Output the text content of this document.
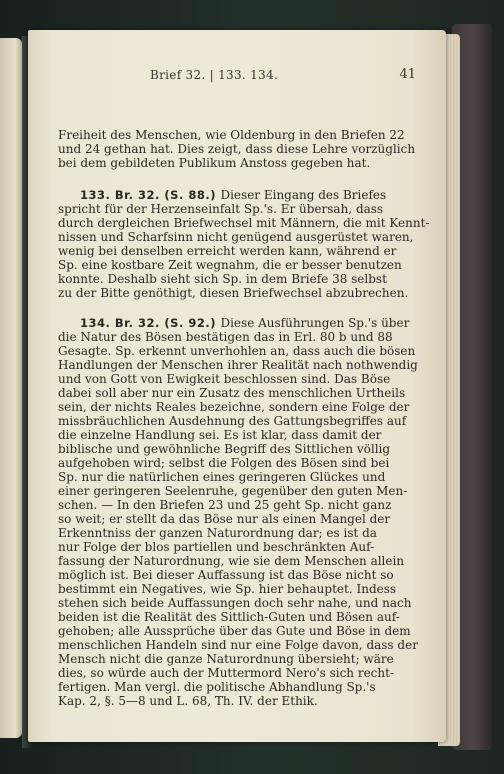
Brief 32. | 133. 134.	41
Freiheit des Menschen, wie Oldenburg in den Briefen 22
und 24 gethan hat. Dies zeigt, dass diese Lehre vorzüglich
bei dem gebildeten Publikum Anstoss gegeben hat.
133. Br. 32. (S. 88.) Dieser Eingang des Briefes
spricht für der Herzenseinfalt Sp.'s. Er übersah, dass
durch dergleichen Briefwechsel mit Männern, die mit Kennt-
nissen und Scharfsinn nicht genügend ausgerüstet waren,
wenig bei denselben erreicht werden kann, während er
Sp. eine kostbare Zeit wegnahm, die er besser benutzen
konnte. Deshalb sieht sich Sp. in dem Briefe 38 selbst
zu der Bitte genöthigt, diesen Briefwechsel abzubrechen.
134. Br. 32. (S. 92.) Diese Ausführungen Sp.'s über
die Natur des Bösen bestätigen das in Erl. 80 b und 88
Gesagte. Sp. erkennt unverhohlen an, dass auch die bösen
Handlungen der Menschen ihrer Realität nach nothwendig
und von Gott von Ewigkeit beschlossen sind. Das Böse
dabei soll aber nur ein Zusatz des menschlichen Urtheils
sein, der nichts Reales bezeichne, sondern eine Folge der
missbräuchlichen Ausdehnung des Gattungsbegriffes auf
die einzelne Handlung sei. Es ist klar, dass damit der
biblische und gewöhnliche Begriff des Sittlichen völlig
aufgehoben wird; selbst die Folgen des Bösen sind bei
Sp. nur die natürlichen eines geringeren Glückes und
einer geringeren Seelenruhe, gegenüber den guten Men-
schen. — In den Briefen 23 und 25 geht Sp. nicht ganz
so weit; er stellt da das Böse nur als einen Mangel der
Erkenntniss der ganzen Naturordnung dar; es ist da
nur Folge der blos partiellen und beschränkten Auf-
fassung der Naturordnung, wie sie dem Menschen allein
möglich ist. Bei dieser Auffassung ist das Böse nicht so
bestimmt ein Negatives, wie Sp. hier behauptet. Indess
stehen sich beide Auffassungen doch sehr nahe, und nach
beiden ist die Realität des Sittlich-Guten und Bösen auf-
gehoben; alle Aussprüche über das Gute und Böse in dem
menschlichen Handeln sind nur eine Folge davon, dass der
Mensch nicht die ganze Naturordnung übersieht; wäre
dies, so würde auch der Muttermord Nero's sich recht-
fertigen. Man vergl. die politische Abhandlung Sp.'s
Kap. 2, §. 5—8 und L. 68, Th. IV. der Ethik.
